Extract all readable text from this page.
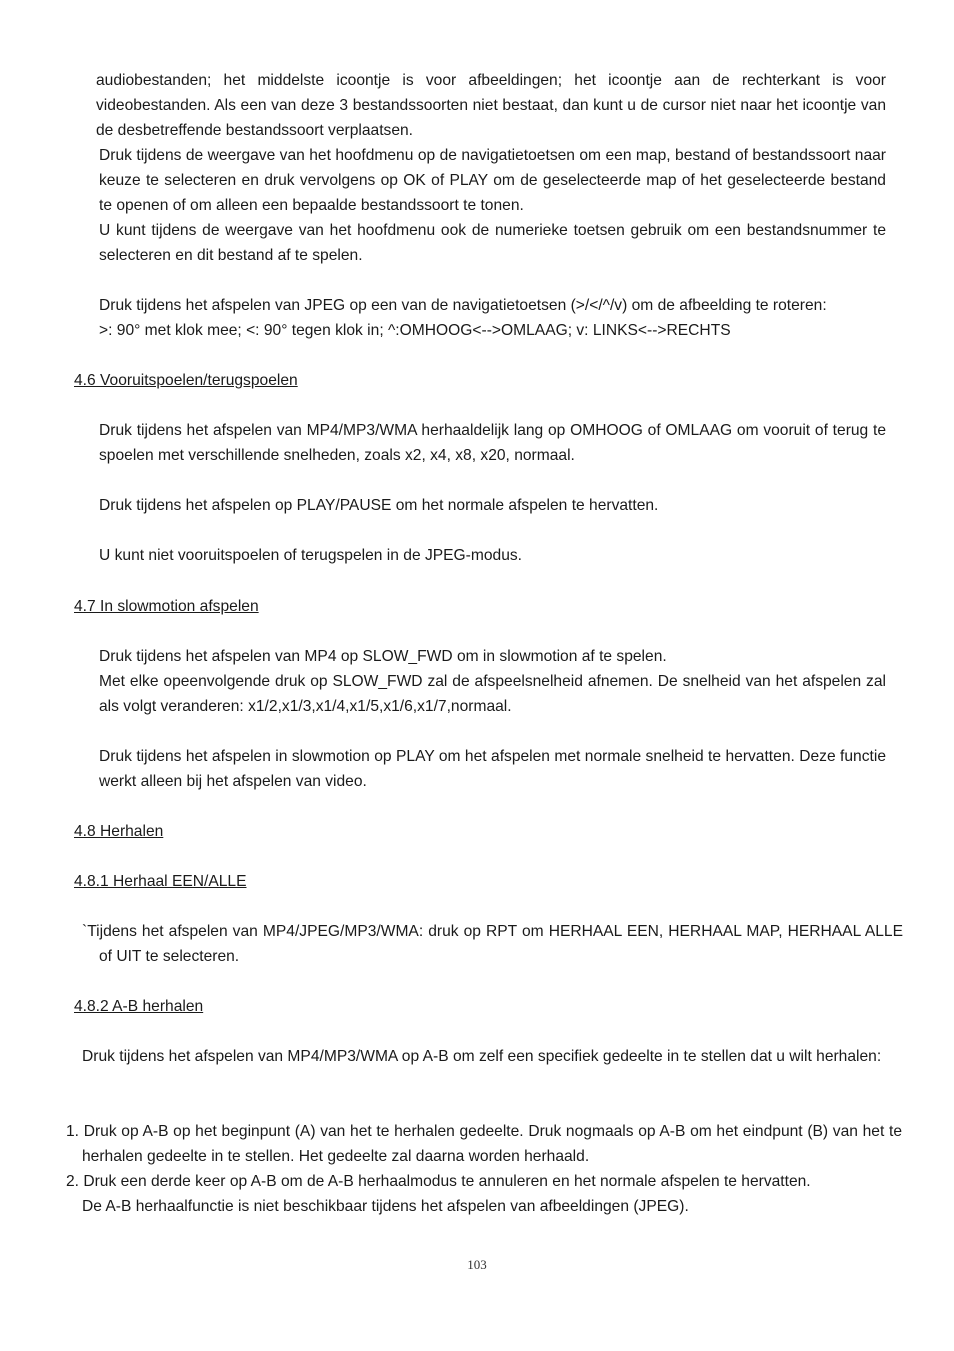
audiobestanden; het middelste icoontje is voor afbeeldingen; het icoontje aan de rechterkant is voor videobestanden. Als een van deze 3 bestandssoorten niet bestaat, dan kunt u de cursor niet naar het icoontje van de desbetreffende bestandssoort verplaatsen.

Druk tijdens de weergave van het hoofdmenu op de navigatietoetsen om een map, bestand of bestandssoort naar keuze te selecteren en druk vervolgens op OK of PLAY om de geselecteerde map of het geselecteerde bestand te openen of om alleen een bepaalde bestandssoort te tonen.

U kunt tijdens de weergave van het hoofdmenu ook de numerieke toetsen gebruik om een bestandsnummer te selecteren en dit bestand af te spelen.

Druk tijdens het afspelen van JPEG op een van de navigatietoetsen (>/</^/v) om de afbeelding te roteren:

>: 90° met klok mee; <: 90° tegen klok in; ^:OMHOOG<-->OMLAAG; v: LINKS<-->RECHTS

4.6 Vooruitspoelen/terugspoelen

Druk tijdens het afspelen van MP4/MP3/WMA herhaaldelijk lang op OMHOOG of OMLAAG om vooruit of terug te spoelen met verschillende snelheden, zoals x2, x4, x8, x20, normaal.

Druk tijdens het afspelen op PLAY/PAUSE om het normale afspelen te hervatten.

U kunt niet vooruitspoelen of terugspelen in de JPEG-modus.

4.7 In slowmotion afspelen

Druk tijdens het afspelen van MP4 op SLOW_FWD om in slowmotion af te spelen.

Met elke opeenvolgende druk op SLOW_FWD zal de afspeelsnelheid afnemen. De snelheid van het afspelen zal als volgt veranderen: x1/2,x1/3,x1/4,x1/5,x1/6,x1/7,normaal.

Druk tijdens het afspelen in slowmotion op PLAY om het afspelen met normale snelheid te hervatten. Deze functie werkt alleen bij het afspelen van video.

4.8 Herhalen

4.8.1 Herhaal EEN/ALLE

`Tijdens het afspelen van MP4/JPEG/MP3/WMA: druk op RPT om HERHAAL EEN, HERHAAL MAP, HERHAAL ALLE of UIT te selecteren.

4.8.2 A-B herhalen

Druk tijdens het afspelen van MP4/MP3/WMA op A-B om zelf een specifiek gedeelte in te stellen dat u wilt herhalen:

1. Druk op A-B op het beginpunt (A) van het te herhalen gedeelte. Druk nogmaals op A-B om het eindpunt (B) van het te herhalen gedeelte in te stellen. Het gedeelte zal daarna worden herhaald.

2. Druk een derde keer op A-B om de A-B herhaalmodus te annuleren en het normale afspelen te hervatten.

De A-B herhaalfunctie is niet beschikbaar tijdens het afspelen van afbeeldingen (JPEG).

103
